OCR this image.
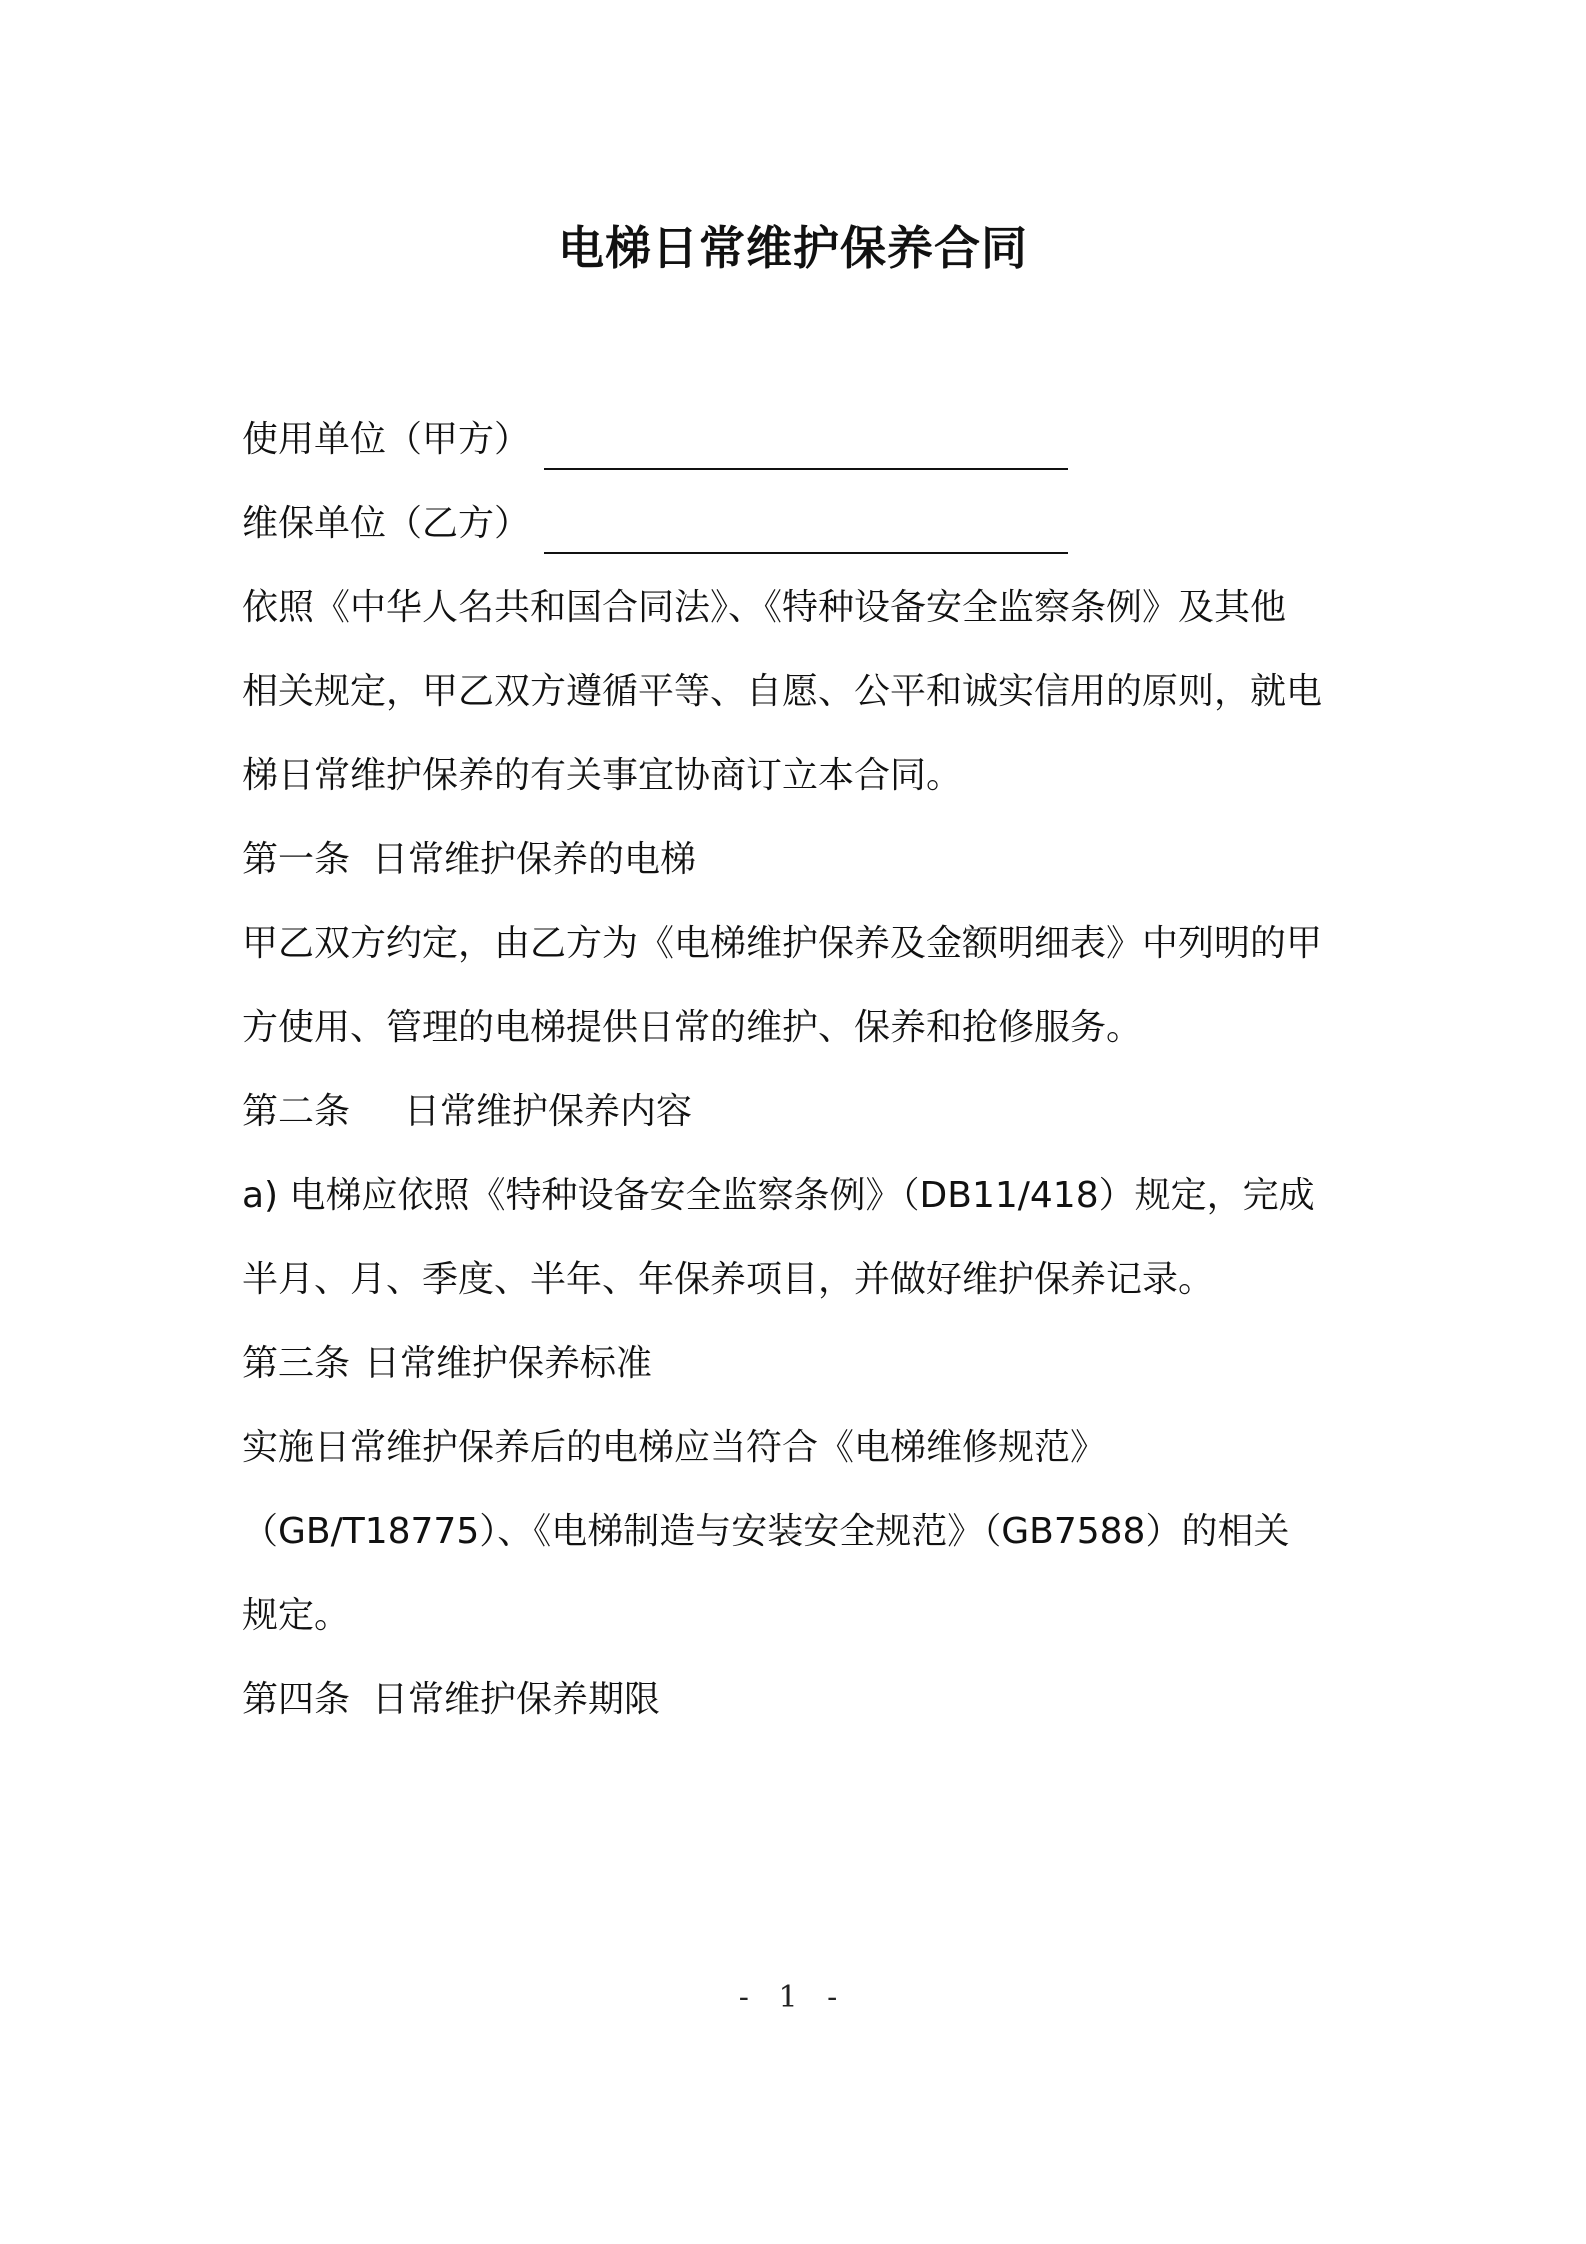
电梯日常维护保养合同
使用单位（甲方）
维保单位（乙方）
依照《中华人名共和国合同法》、《特种设备安全监察条例》及其他
相关规定，甲乙双方遵循平等、自愿、公平和诚实信用的原则，就电
梯日常维护保养的有关事宜协商订立本合同。
第一条 日常维护保养的电梯
甲乙双方约定，由乙方为《电梯维护保养及金额明细表》中列明的甲
方使用、管理的电梯提供日常的维护、保养和抢修服务。
第二条 日常维护保养内容
a) 电梯应依照《特种设备安全监察条例》（DB11/418）规定，完成
半月、月、季度、半年、年保养项目，并做好维护保养记录。
第三条 日常维护保养标准
实施日常维护保养后的电梯应当符合《电梯维修规范》
（GB/T18775）、《电梯制造与安装安全规范》（GB7588）的相关
规定。
第四条 日常维护保养期限
- 1 -
